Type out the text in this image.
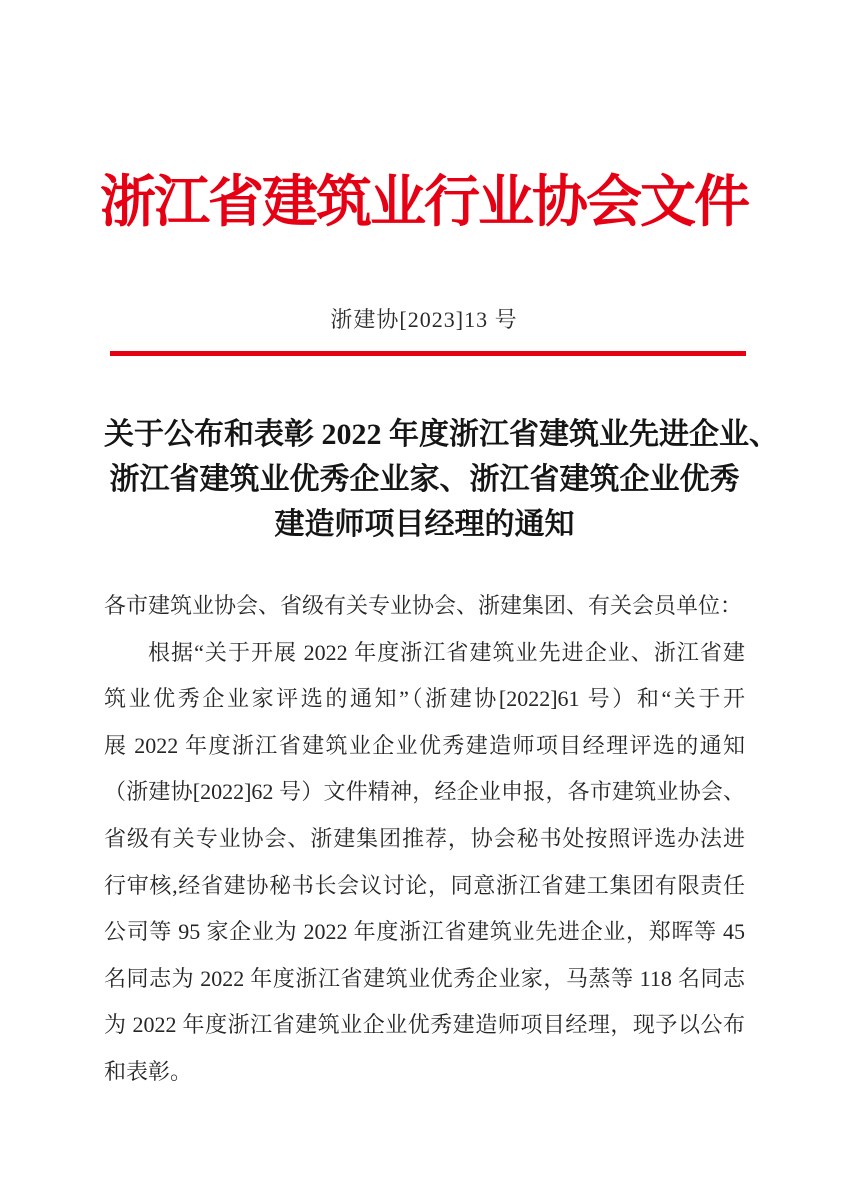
浙江省建筑业行业协会文件
浙建协[2023]13 号
关于公布和表彰 2022 年度浙江省建筑业先进企业、
浙江省建筑业优秀企业家、浙江省建筑企业优秀
建造师项目经理的通知
各市建筑业协会、省级有关专业协会、浙建集团、有关会员单位：
根据“关于开展 2022 年度浙江省建筑业先进企业、浙江省建
筑业优秀企业家评选的通知”（浙建协[2022]61 号）和“关于开
展 2022 年度浙江省建筑业企业优秀建造师项目经理评选的通知
（浙建协[2022]62 号）文件精神，经企业申报，各市建筑业协会、
省级有关专业协会、浙建集团推荐，协会秘书处按照评选办法进
行审核,经省建协秘书长会议讨论，同意浙江省建工集团有限责任
公司等 95 家企业为 2022 年度浙江省建筑业先进企业，郑晖等 45
名同志为 2022 年度浙江省建筑业优秀企业家，马蒸等 118 名同志
为 2022 年度浙江省建筑业企业优秀建造师项目经理，现予以公布
和表彰。
